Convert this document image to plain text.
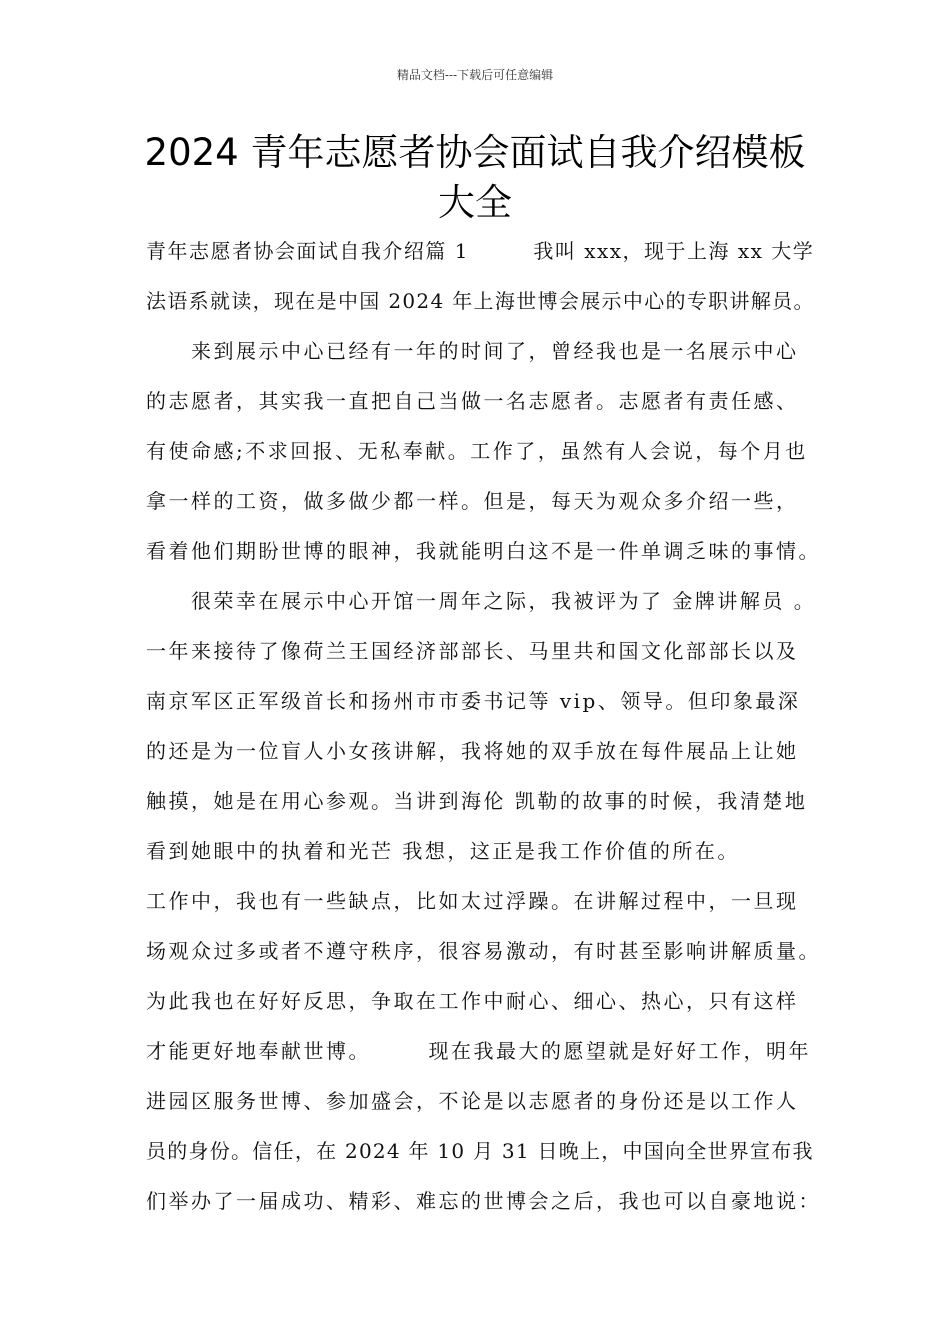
精品文档---下载后可任意编辑
2024 青年志愿者协会面试自我介绍模板
大全
青年志愿者协会面试自我介绍篇 1　　　我叫 xxx，现于上海 xx 大学
法语系就读，现在是中国 2024 年上海世博会展示中心的专职讲解员。
　　来到展示中心已经有一年的时间了，曾经我也是一名展示中心
的志愿者，其实我一直把自己当做一名志愿者。志愿者有责任感、
有使命感;不求回报、无私奉献。工作了，虽然有人会说，每个月也
拿一样的工资，做多做少都一样。但是，每天为观众多介绍一些，
看着他们期盼世博的眼神，我就能明白这不是一件单调乏味的事情。
　　很荣幸在展示中心开馆一周年之际，我被评为了 金牌讲解员 。
一年来接待了像荷兰王国经济部部长、马里共和国文化部部长以及
南京军区正军级首长和扬州市市委书记等 vip、领导。但印象最深
的还是为一位盲人小女孩讲解，我将她的双手放在每件展品上让她
触摸，她是在用心参观。当讲到海伦 凯勒的故事的时候，我清楚地
看到她眼中的执着和光芒 我想，这正是我工作价值的所在。
工作中，我也有一些缺点，比如太过浮躁。在讲解过程中，一旦现
场观众过多或者不遵守秩序，很容易激动，有时甚至影响讲解质量。
为此我也在好好反思，争取在工作中耐心、细心、热心，只有这样
才能更好地奉献世博。　　　现在我最大的愿望就是好好工作，明年
进园区服务世博、参加盛会，不论是以志愿者的身份还是以工作人
员的身份。信任，在 2024 年 10 月 31 日晚上，中国向全世界宣布我
们举办了一届成功、精彩、难忘的世博会之后，我也可以自豪地说：
